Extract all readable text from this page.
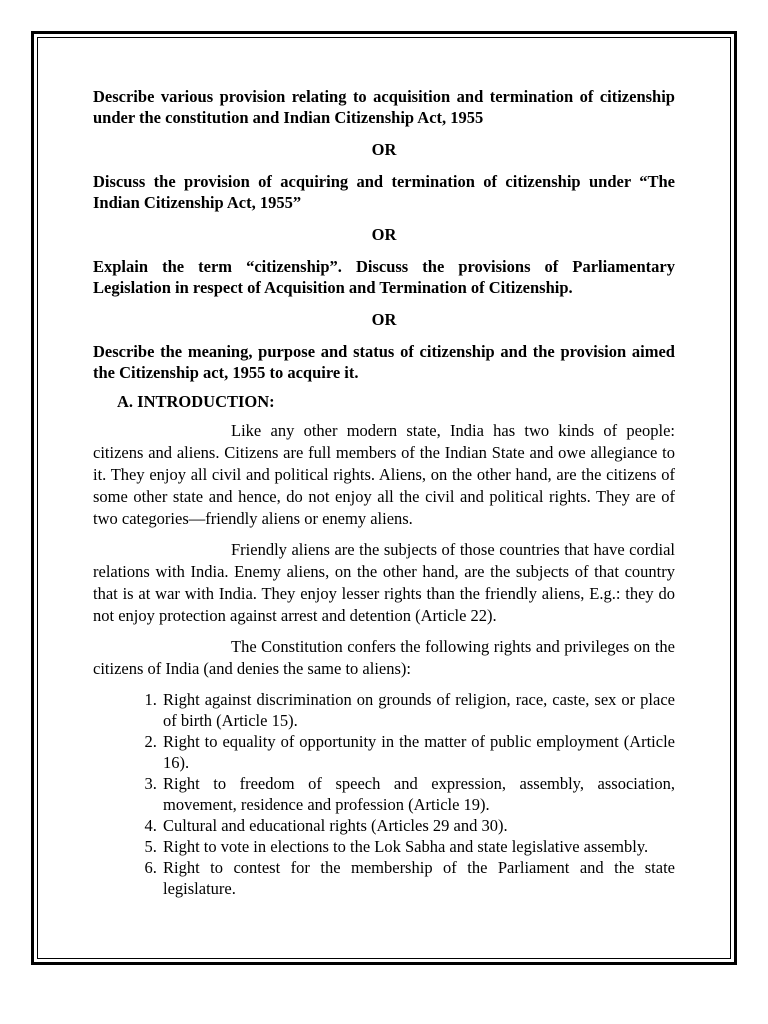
Describe various provision relating to acquisition and termination of citizenship under the constitution and Indian Citizenship Act, 1955

OR

Discuss the provision of acquiring and termination of citizenship under “The Indian Citizenship Act, 1955”

OR

Explain the term “citizenship”. Discuss the provisions of Parliamentary Legislation in respect of Acquisition and Termination of Citizenship.

OR

Describe the meaning, purpose and status of citizenship and the provision aimed the Citizenship act, 1955 to acquire it.

A. INTRODUCTION:

Like any other modern state, India has two kinds of people: citizens and aliens. Citizens are full members of the Indian State and owe allegiance to it. They enjoy all civil and political rights. Aliens, on the other hand, are the citizens of some other state and hence, do not enjoy all the civil and political rights. They are of two categories—friendly aliens or enemy aliens.

Friendly aliens are the subjects of those countries that have cordial relations with India. Enemy aliens, on the other hand, are the subjects of that country that is at war with India. They enjoy lesser rights than the friendly aliens, E.g.: they do not enjoy protection against arrest and detention (Article 22).

The Constitution confers the following rights and privileges on the citizens of India (and denies the same to aliens):

1. Right against discrimination on grounds of religion, race, caste, sex or place of birth (Article 15).
2. Right to equality of opportunity in the matter of public employment (Article 16).
3. Right to freedom of speech and expression, assembly, association, movement, residence and profession (Article 19).
4. Cultural and educational rights (Articles 29 and 30).
5. Right to vote in elections to the Lok Sabha and state legislative assembly.
6. Right to contest for the membership of the Parliament and the state legislature.
